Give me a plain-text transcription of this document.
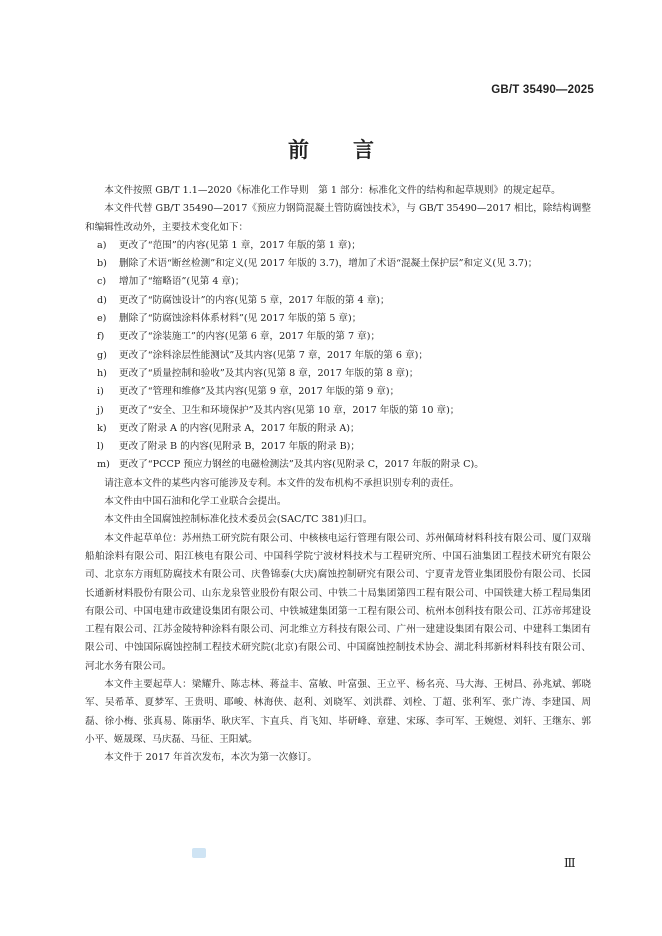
GB/T 35490—2025
前言

本文件按照 GB/T 1.1—2020《标准化工作导则　第 1 部分：标准化文件的结构和起草规则》的规定起草。

本文件代替 GB/T 35490—2017《预应力钢筒混凝土管防腐蚀技术》，与 GB/T 35490—2017 相比，除结构调整和编辑性改动外，主要技术变化如下：

a)	更改了“范围”的内容(见第 1 章，2017 年版的第 1 章)；
b)	删除了术语“断丝检测”和定义(见 2017 年版的 3.7)，增加了术语“混凝土保护层”和定义(见 3.7)；
c)	增加了“缩略语”(见第 4 章)；
d)	更改了“防腐蚀设计”的内容(见第 5 章，2017 年版的第 4 章)；
e)	删除了“防腐蚀涂料体系材料”(见 2017 年版的第 5 章)；
f)	更改了“涂装施工”的内容(见第 6 章，2017 年版的第 7 章)；
g)	更改了“涂料涂层性能测试”及其内容(见第 7 章，2017 年版的第 6 章)；
h)	更改了“质量控制和验收”及其内容(见第 8 章，2017 年版的第 8 章)；
i)	更改了“管理和维修”及其内容(见第 9 章，2017 年版的第 9 章)；
j)	更改了“安全、卫生和环境保护”及其内容(见第 10 章，2017 年版的第 10 章)；
k)	更改了附录 A 的内容(见附录 A，2017 年版的附录 A)；
l)	更改了附录 B 的内容(见附录 B，2017 年版的附录 B)；
m) 更改了“PCCP 预应力钢丝的电磁检测法”及其内容(见附录 C，2017 年版的附录 C)。

请注意本文件的某些内容可能涉及专利。本文件的发布机构不承担识别专利的责任。

本文件由中国石油和化学工业联合会提出。

本文件由全国腐蚀控制标准化技术委员会(SAC/TC 381)归口。

本文件起草单位：苏州热工研究院有限公司、中核核电运行管理有限公司、苏州佩琦材料科技有限公司、厦门双瑞船舶涂料有限公司、阳江核电有限公司、中国科学院宁波材料技术与工程研究所、中国石油集团工程技术研究有限公司、北京东方雨虹防腐技术有限公司、庆鲁锦泰(大庆)腐蚀控制研究有限公司、宁夏青龙管业集团股份有限公司、长园长通新材料股份有限公司、山东龙泉管业股份有限公司、中铁二十局集团第四工程有限公司、中国铁建大桥工程局集团有限公司、中国电建市政建设集团有限公司、中铁城建集团第一工程有限公司、杭州本创科技有限公司、江苏帝邦建设工程有限公司、江苏金陵特种涂料有限公司、河北维立方科技有限公司、广州一建建设集团有限公司、中建科工集团有限公司、中蚀国际腐蚀控制工程技术研究院(北京)有限公司、中国腐蚀控制技术协会、湖北科邦新材料科技有限公司、河北水务有限公司。

本文件主要起草人：梁耀升、陈志林、蒋益丰、富敏、叶富强、王立平、杨名亮、马大海、王树昌、孙兆斌、郭晓军、吴希革、夏梦军、王贵明、耶峻、林海侠、赵利、刘晓军、刘洪群、刘栓、丁超、张利军、张广涛、李建国、周磊、徐小梅、张真易、陈丽华、耿庆军、卞直兵、肖飞知、毕研峰、章建、宋琢、李可军、王婉煜、刘轩、王继东、郭小平、姬晟琛、马庆磊、马征、王阳斌。

本文件于 2017 年首次发布，本次为第一次修订。

Ⅲ
